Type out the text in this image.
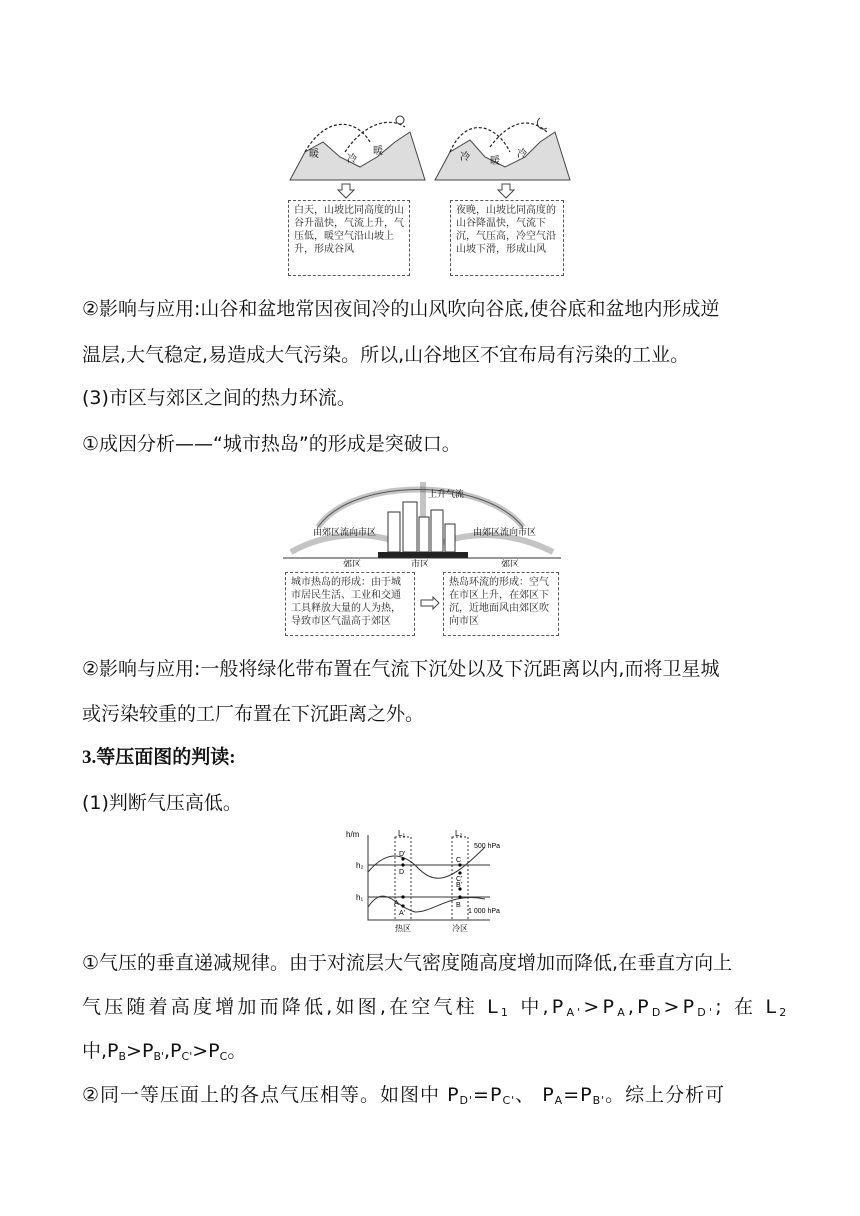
暖	冷
暖
冷 暖
冷
白天，山坡比同高度的山谷升温快，气流上升，气压低，暖空气沿山坡上升，形成谷风
夜晚，山坡比同高度的山谷降温快，气流下沉，气压高，冷空气沿山坡下滑，形成山风
②影响与应用:山谷和盆地常因夜间冷的山风吹向谷底,使谷底和盆地内形成逆
温层,大气稳定,易造成大气污染。所以,山谷地区不宜布局有污染的工业。
(3)市区与郊区之间的热力环流。
①成因分析——“城市热岛”的形成是突破口。
上升气流
由郊区流向市区	由郊区流向市区
郊区	市区	郊区
城市热岛的形成：由于城市居民生活、工业和交通工具释放大量的人为热，导致市区气温高于郊区
热岛环流的形成：空气在市区上升，在郊区下沉，近地面风由郊区吹向市区
②影响与应用:一般将绿化带布置在气流下沉处以及下沉距离以内,而将卫星城
或污染较重的工厂布置在下沉距离之外。
3.等压面图的判读:
(1)判断气压高低。
h/m
h₂
h₁
L₁	L₂
500 hPa
1 000 hPa
热区	冷区
D'
D
A
A'
C
C'
B'
B
①气压的垂直递减规律。由于对流层大气密度随高度增加而降低,在垂直方向上
气压随着高度增加而降低,如图,在空气柱 $L_1$ 中$,P_{A'}>P_A,P_D>P_{D'}$; 在 $L_2$
中$,P_B>P_{B'},P_{C'}>P_C$。
②同一等压面上的各点气压相等。如图中 $P_{D'}=P_{C'}$、 $P_A=P_{B'}$。综上分析可
